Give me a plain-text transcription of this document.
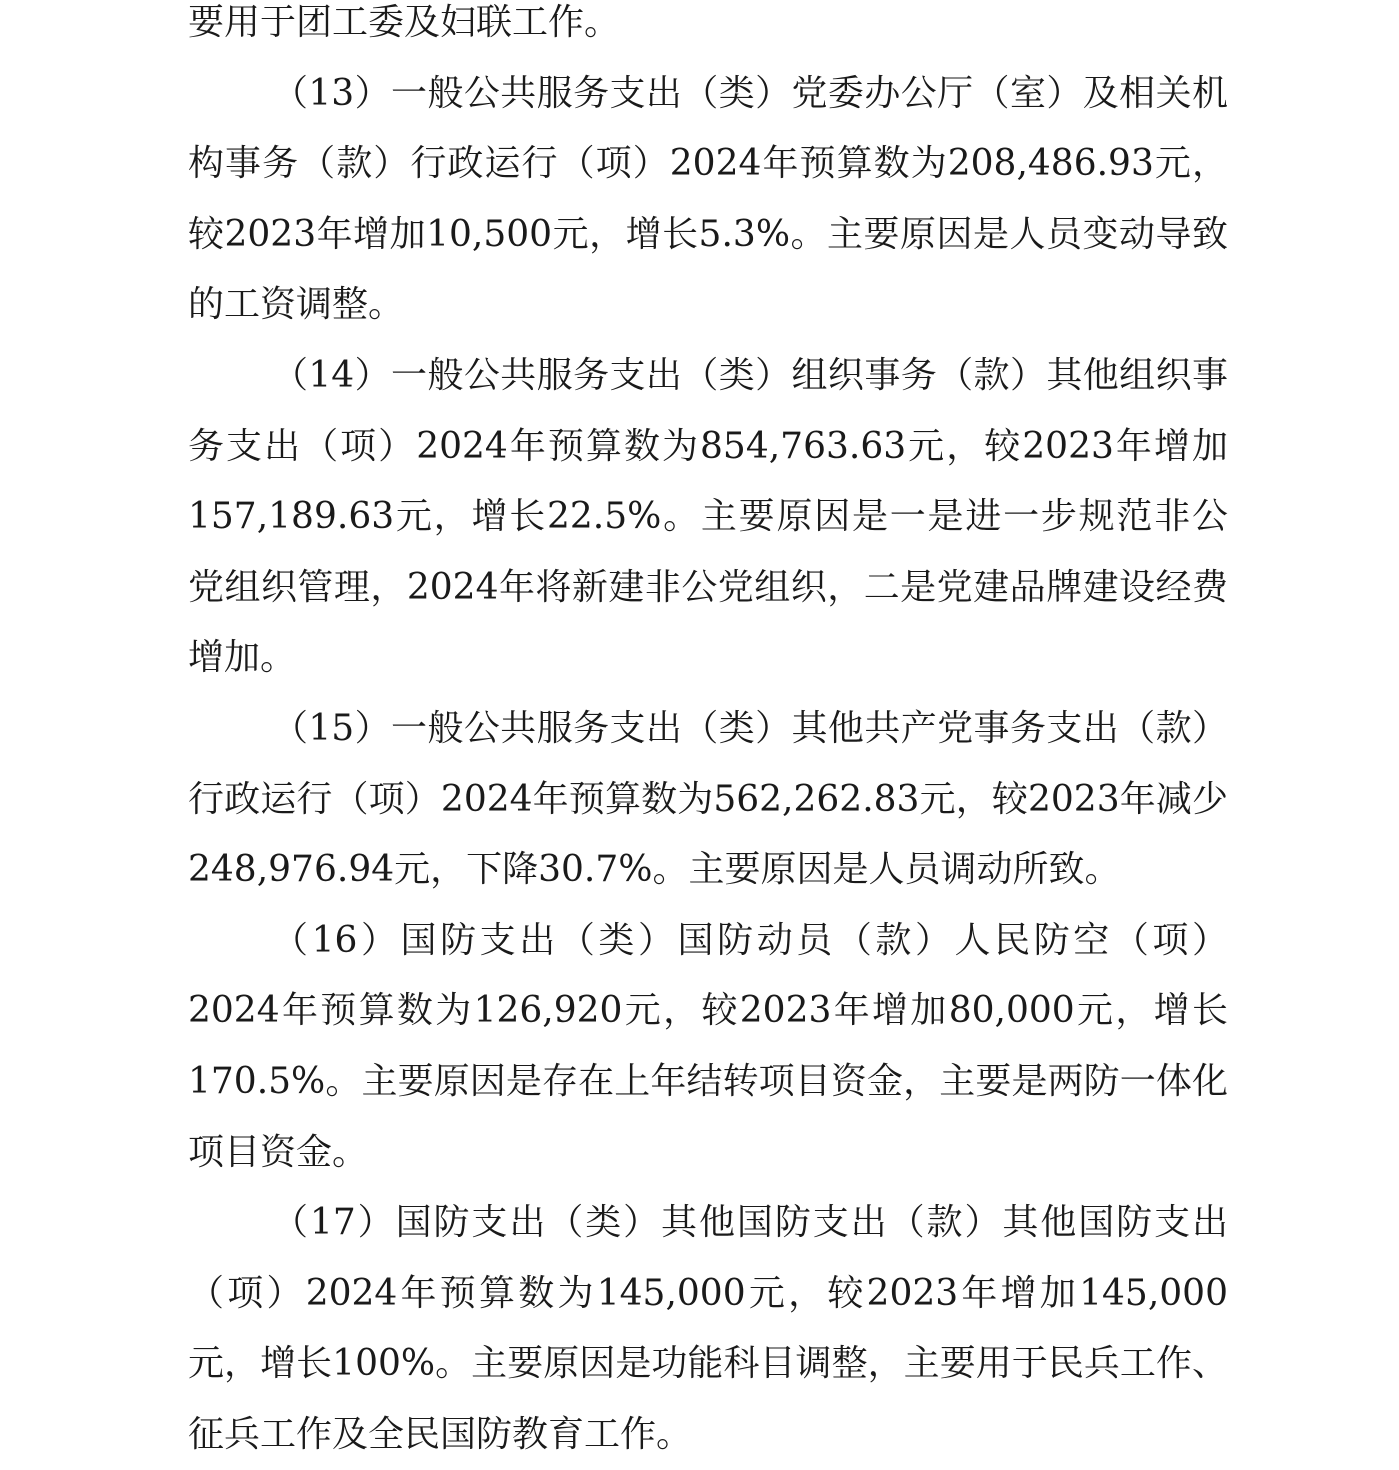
要用于团工委及妇联工作。

（13）一般公共服务支出（类）党委办公厅（室）及相关机构事务（款）行政运行（项）2024年预算数为208,486.93元，较2023年增加10,500元，增长5.3%。主要原因是人员变动导致的工资调整。

（14）一般公共服务支出（类）组织事务（款）其他组织事务支出（项）2024年预算数为854,763.63元，较2023年增加157,189.63元，增长22.5%。主要原因是一是进一步规范非公党组织管理，2024年将新建非公党组织，二是党建品牌建设经费增加。

（15）一般公共服务支出（类）其他共产党事务支出（款）行政运行（项）2024年预算数为562,262.83元，较2023年减少248,976.94元，下降30.7%。主要原因是人员调动所致。

（16）国防支出（类）国防动员（款）人民防空（项）2024年预算数为126,920元，较2023年增加80,000元，增长170.5%。主要原因是存在上年结转项目资金，主要是两防一体化项目资金。

（17）国防支出（类）其他国防支出（款）其他国防支出（项）2024年预算数为145,000元，较2023年增加145,000元，增长100%。主要原因是功能科目调整，主要用于民兵工作、征兵工作及全民国防教育工作。
